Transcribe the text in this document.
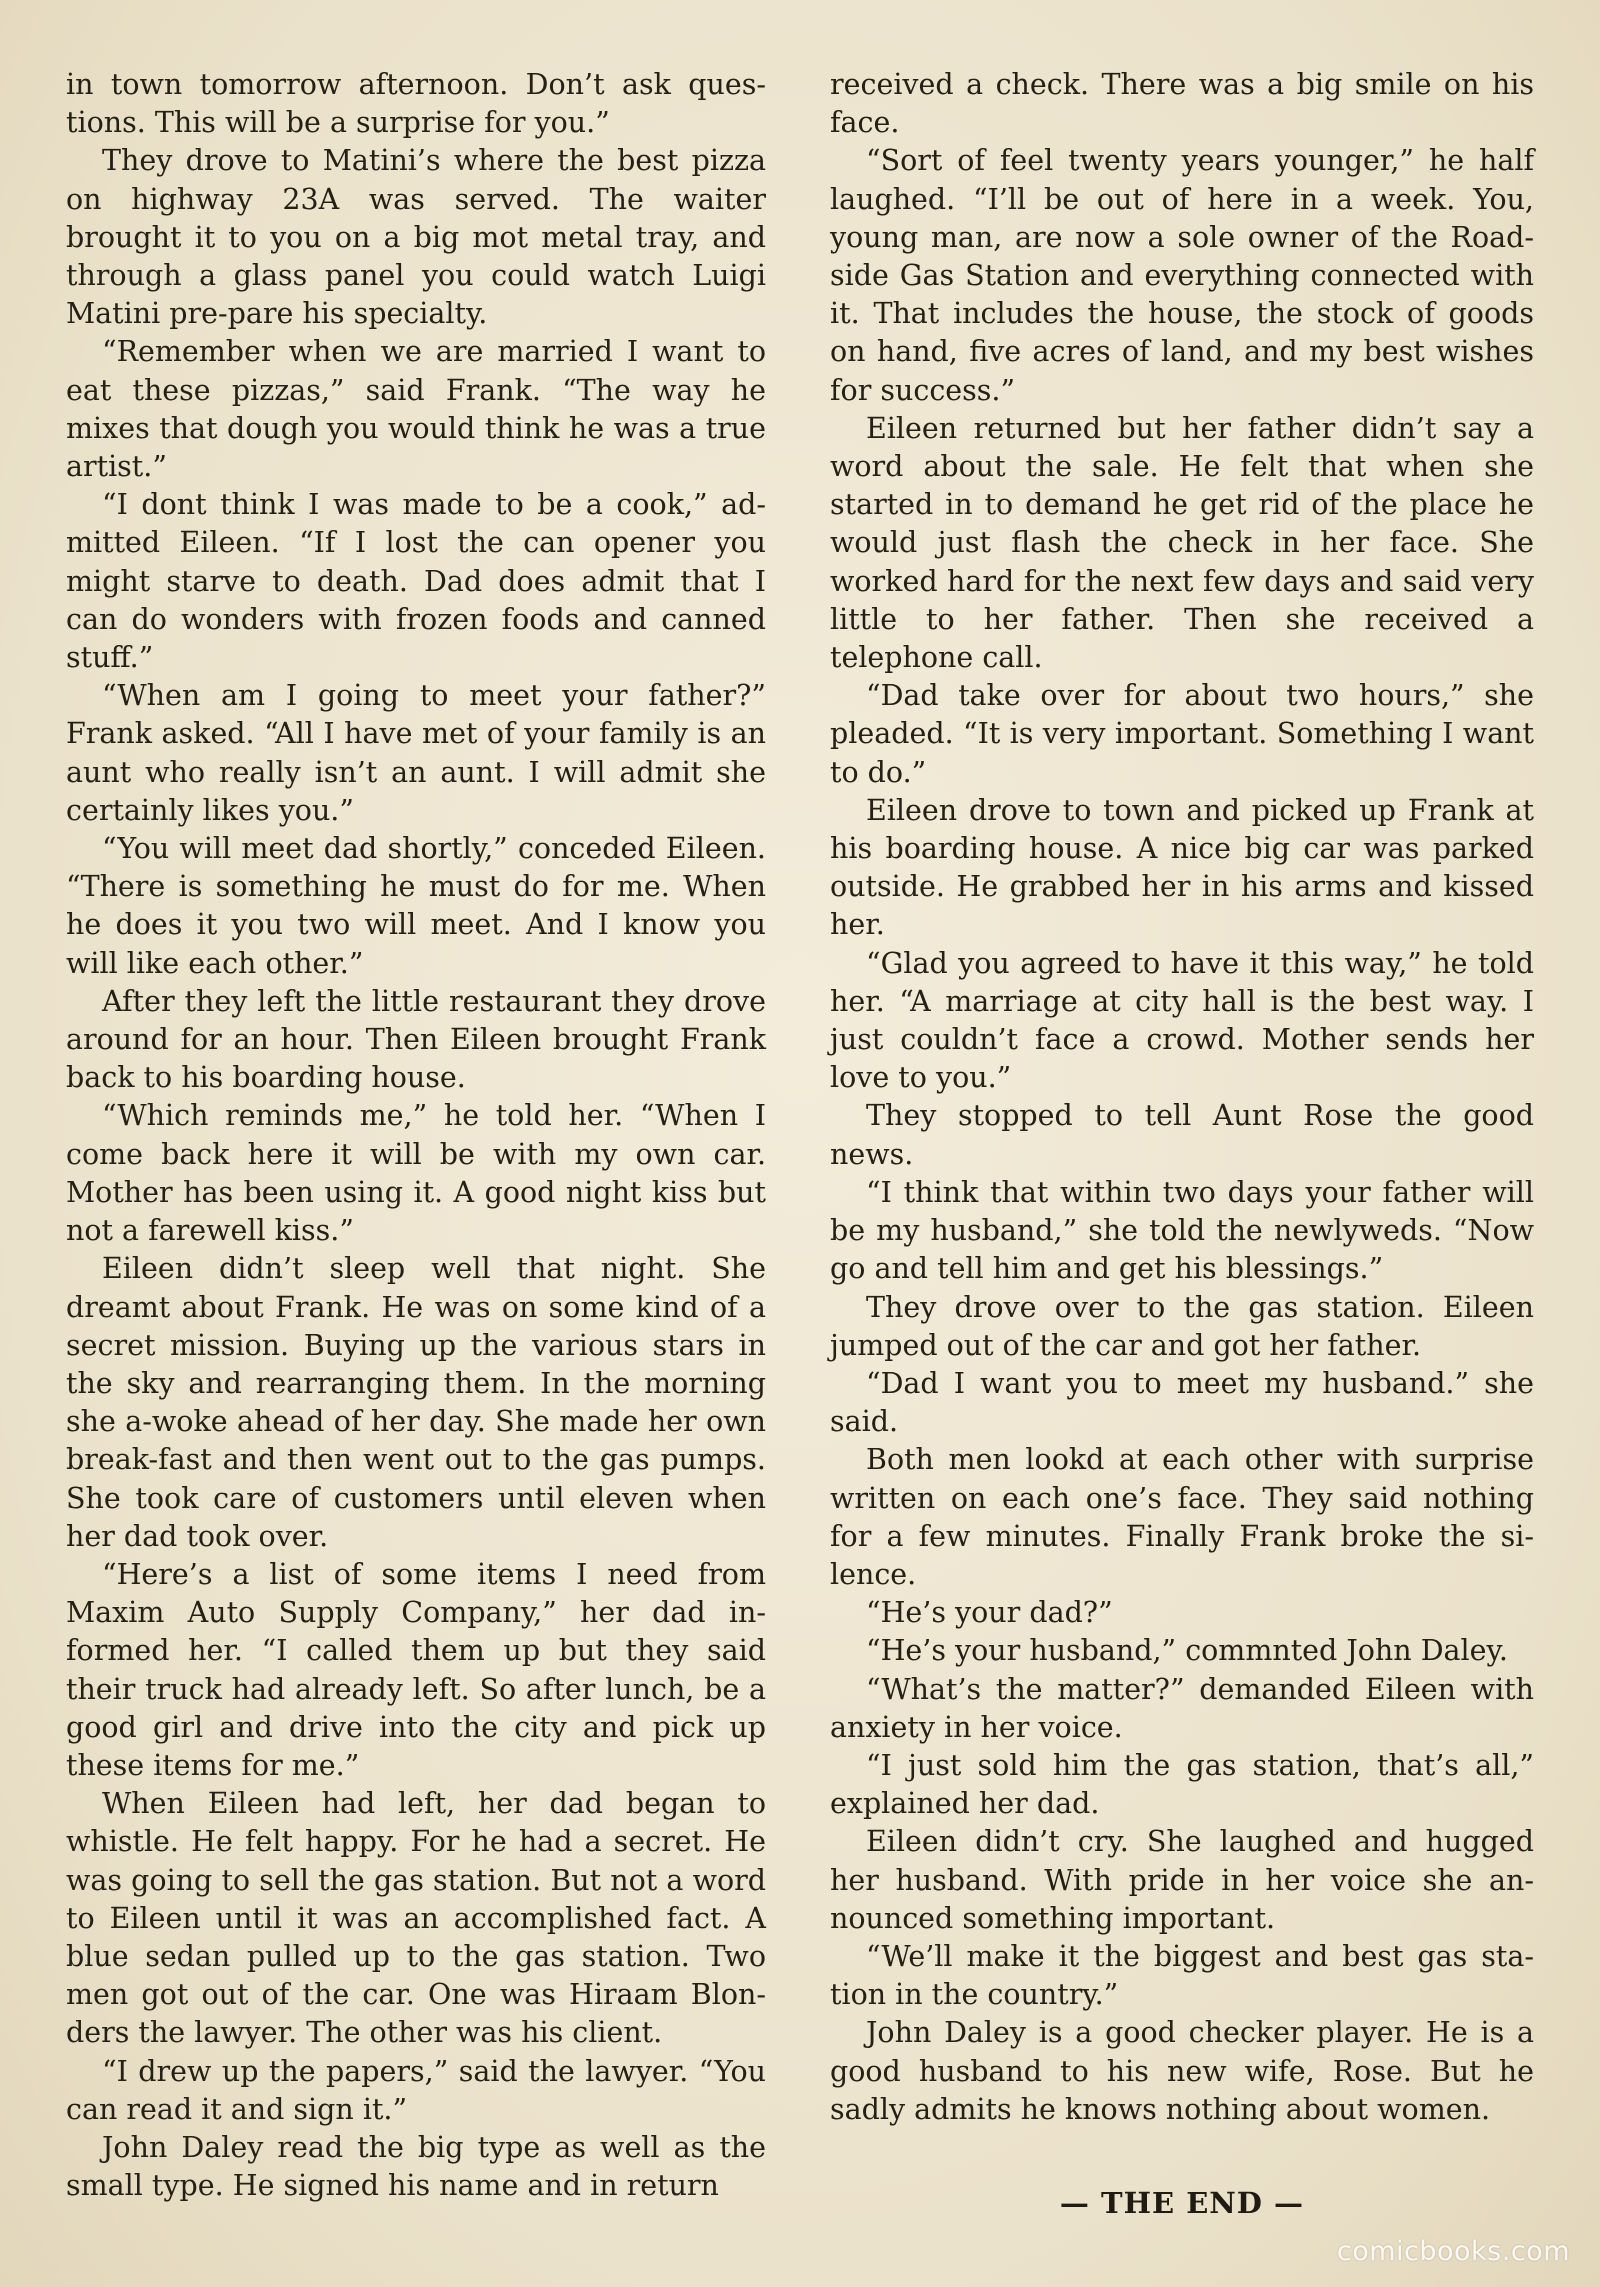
in town tomorrow afternoon. Don’t ask ques-tions. This will be a surprise for you.”

They drove to Matini’s where the best pizza on highway 23A was served. The waiter brought it to you on a big mot metal tray, and through a glass panel you could watch Luigi Matini pre-pare his specialty.

“Remember when we are married I want to eat these pizzas,” said Frank. “The way he mixes that dough you would think he was a true artist.”

“I dont think I was made to be a cook,” ad-mitted Eileen. “If I lost the can opener you might starve to death. Dad does admit that I can do wonders with frozen foods and canned stuff.”

“When am I going to meet your father?” Frank asked. “All I have met of your family is an aunt who really isn’t an aunt. I will admit she certainly likes you.”

“You will meet dad shortly,” conceded Eileen. “There is something he must do for me. When he does it you two will meet. And I know you will like each other.”

After they left the little restaurant they drove around for an hour. Then Eileen brought Frank back to his boarding house.

“Which reminds me,” he told her. “When I come back here it will be with my own car. Mother has been using it. A good night kiss but not a farewell kiss.”

Eileen didn’t sleep well that night. She dreamt about Frank. He was on some kind of a secret mission. Buying up the various stars in the sky and rearranging them. In the morning she a-woke ahead of her day. She made her own break-fast and then went out to the gas pumps. She took care of customers until eleven when her dad took over.

“Here’s a list of some items I need from Maxim Auto Supply Company,” her dad in-formed her. “I called them up but they said their truck had already left. So after lunch, be a good girl and drive into the city and pick up these items for me.”

When Eileen had left, her dad began to whistle. He felt happy. For he had a secret. He was going to sell the gas station. But not a word to Eileen until it was an accomplished fact. A blue sedan pulled up to the gas station. Two men got out of the car. One was Hiraam Blon-ders the lawyer. The other was his client.

“I drew up the papers,” said the lawyer. “You can read it and sign it.”

John Daley read the big type as well as the small type. He signed his name and in return

received a check. There was a big smile on his face.

“Sort of feel twenty years younger,” he half laughed. “I’ll be out of here in a week. You, young man, are now a sole owner of the Road-side Gas Station and everything connected with it. That includes the house, the stock of goods on hand, five acres of land, and my best wishes for success.”

Eileen returned but her father didn’t say a word about the sale. He felt that when she started in to demand he get rid of the place he would just flash the check in her face. She worked hard for the next few days and said very little to her father. Then she received a telephone call.

“Dad take over for about two hours,” she pleaded. “It is very important. Something I want to do.”

Eileen drove to town and picked up Frank at his boarding house. A nice big car was parked outside. He grabbed her in his arms and kissed her.

“Glad you agreed to have it this way,” he told her. “A marriage at city hall is the best way. I just couldn’t face a crowd. Mother sends her love to you.”

They stopped to tell Aunt Rose the good news.

“I think that within two days your father will be my husband,” she told the newlyweds. “Now go and tell him and get his blessings.”

They drove over to the gas station. Eileen jumped out of the car and got her father.

“Dad I want you to meet my husband.” she said.

Both men lookd at each other with surprise written on each one’s face. They said nothing for a few minutes. Finally Frank broke the si-lence.

“He’s your dad?”

“He’s your husband,” commnted John Daley.

“What’s the matter?” demanded Eileen with anxiety in her voice.

“I just sold him the gas station, that’s all,” explained her dad.

Eileen didn’t cry. She laughed and hugged her husband. With pride in her voice she an-nounced something important.

“We’ll make it the biggest and best gas sta-tion in the country.”

John Daley is a good checker player. He is a good husband to his new wife, Rose. But he sadly admits he knows nothing about women.

— THE END —
comicbooks.com
